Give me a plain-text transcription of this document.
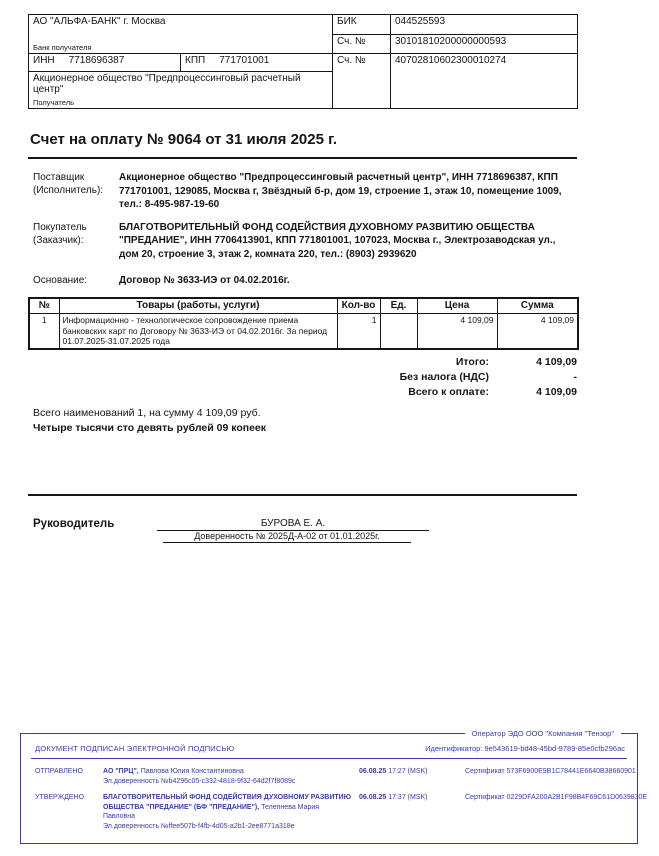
АО "АЛЬФА-БАНК" г. Москва
Банк получателя		БИК	044525593
		Сч. №	30101810200000000593

ИНН 7718696387	КПП 771701001	Сч. №	40702810602300010274

Акционерное общество "Предпроцессинговый расчетный центр"
Получатель			
Счет на оплату № 9064 от 31 июля 2025 г.
Поставщик
(Исполнитель):
Акционерное общество "Предпроцессинговый расчетный центр", ИНН 7718696387, КПП 771701001, 129085, Москва г, Звёздный б-р, дом 19, строение 1, этаж 10, помещение 1009, тел.: 8-495-987-19-60
Покупатель
(Заказчик):
БЛАГОТВОРИТЕЛЬНЫЙ ФОНД СОДЕЙСТВИЯ ДУХОВНОМУ РАЗВИТИЮ ОБЩЕСТВА "ПРЕДАНИЕ", ИНН 7706413901, КПП 771801001, 107023, Москва г., Электрозаводская ул., дом 20, строение 3, этаж 2, комната 220, тел.: (8903) 2939620
Основание:	Договор № 3633-ИЭ от 04.02.2016г.
№	Товары (работы, услуги)	Кол-во	Ед.	Цена	Сумма
1	Информационно - технологическое сопровождение приема банковских карт по Договору № 3633-ИЭ от 04.02.2016г. За период 01.07.2025-31.07.2025 года	1		4 109,09	4 109,09
Итого:	4 109,09
Без налога (НДС)	-
Всего к оплате:	4 109,09
Всего наименований 1, на сумму 4 109,09 руб.
Четыре тысячи сто девять рублей 09 копеек
Руководитель	БУРОВА Е. А.
Доверенность № 2025Д-А-02 от 01.01.2025г.
Оператор ЭДО ООО "Компания "Тензор"
ДОКУМЕНТ ПОДПИСАН ЭЛЕКТРОННОЙ ПОДПИСЬЮ	Идентификатор: 9e543619-bd48-45bd-9789-85e0cfb296ac
ОТПРАВЛЕНО	АО "ПРЦ", Павлова Юлия Константиновна
Эл.доверенность №b4296c05-c332-4818-9f32-64d2f7f8089c
06.08.25 17:27 (MSK)	Сертификат 573F6900E9B1C78441E6640B38660901
УТВЕРЖДЕНО	БЛАГОТВОРИТЕЛЬНЫЙ ФОНД СОДЕЙСТВИЯ ДУХОВНОМУ РАЗВИТИЮ ОБЩЕСТВА "ПРЕДАНИЕ" (БФ "ПРЕДАНИЕ"), Телепнева Мария Павловна
Эл.доверенность №ffee507b-f4fb-4d05-a2b1-2ee8771a318e
06.08.25 17:37 (MSK)	Сертификат 0229DFA200A2B1F98B4F69C61D0639830E
